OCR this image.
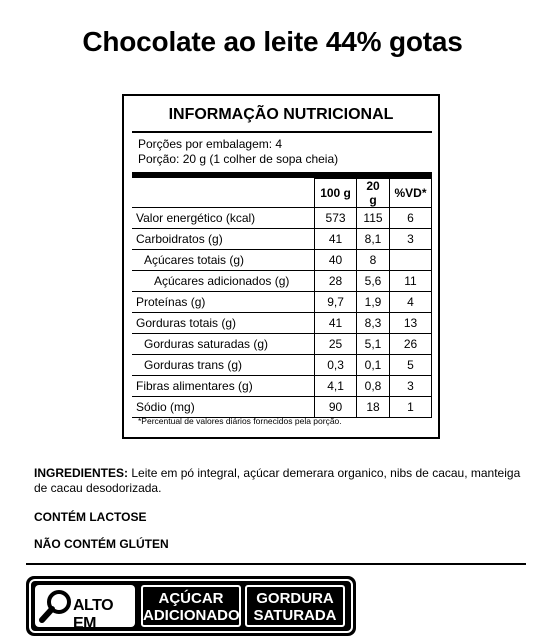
Chocolate ao leite 44% gotas
INFORMAÇÃO NUTRICIONAL
Porções por embalagem: 4
Porção: 20 g (1 colher de sopa cheia)
	100 g	20 g	%VD*
Valor energético (kcal)	573	115	6
Carboidratos (g)	41	8,1	3
Açúcares totais (g)	40	8	
Açúcares adicionados (g)	28	5,6	11
Proteínas (g)	9,7	1,9	4
Gorduras totais (g)	41	8,3	13
Gorduras saturadas (g)	25	5,1	26
Gorduras trans (g)	0,3	0,1	5
Fibras alimentares (g)	4,1	0,8	3
Sódio (mg)	90	18	1
*Percentual de valores diários fornecidos pela porção.
INGREDIENTES: Leite em pó integral, açúcar demerara organico, nibs de cacau, manteiga de cacau desodorizada.
CONTÉM LACTOSE
NÃO CONTÉM GLÚTEN
ALTO EM
AÇÚCAR
ADICIONADO
GORDURA
SATURADA
